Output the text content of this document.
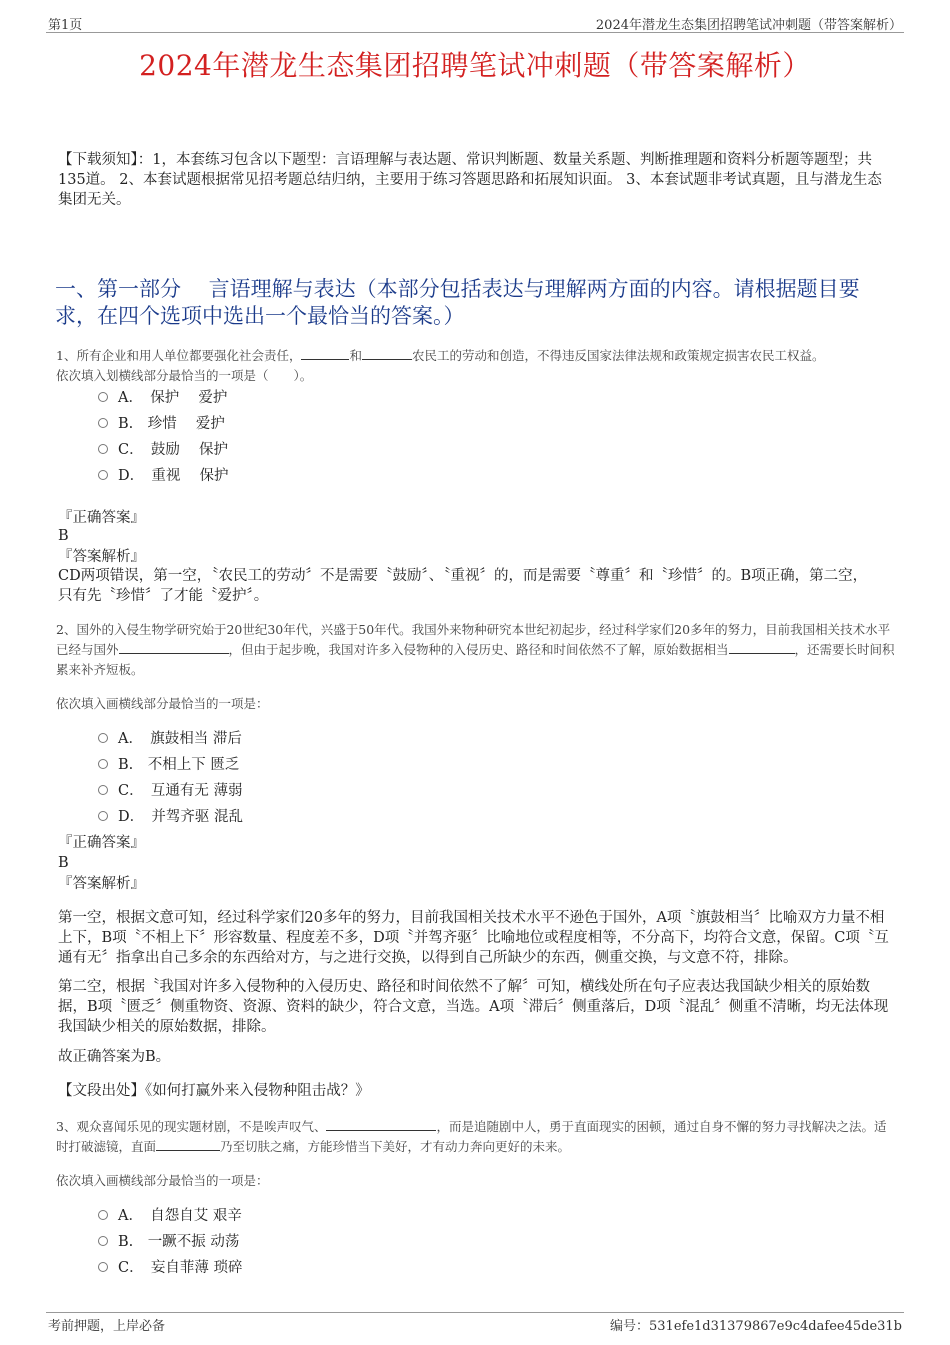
第1页	2024年潜龙生态集团招聘笔试冲刺题（带答案解析）
2024年潜龙生态集团招聘笔试冲刺题（带答案解析）
【下载须知】：1，本套练习包含以下题型：言语理解与表达题、常识判断题、数量关系题、判断推理题和资料分析题等题型；共135道。 2、本套试题根据常见招考题总结归纳，主要用于练习答题思路和拓展知识面。 3、本套试题非考试真题，且与潜龙生态集团无关。
一、第一部分　 言语理解与表达（本部分包括表达与理解两方面的内容。请根据题目要求，在四个选项中选出一个最恰当的答案。）
1、所有企业和用人单位都要强化社会责任，	和	农民工的劳动和创造，不得违反国家法律法规和政策规定损害农民工权益。
依次填入划横线部分最恰当的一项是（　　）。
A．　保护　 爱护
B.　珍惜　 爱护
C．　鼓励　 保护
D．　重视　 保护
『正确答案』
B
『答案解析』
CD两项错误，第一空，〝农民工的劳动〞不是需要〝鼓励〞、〝重视〞的，而是需要〝尊重〞和〝珍惜〞的。B项正确，第二空，只有先〝珍惜〞了才能〝爱护〞。
2、国外的入侵生物学研究始于20世纪30年代，兴盛于50年代。我国外来物种研究本世纪初起步，经过科学家们20多年的努力，目前我国相关技术水平已经与国外	，但由于起步晚，我国对许多入侵物种的入侵历史、路径和时间依然不了解，原始数据相当	，还需要长时间积累来补齐短板。
依次填入画横线部分最恰当的一项是：
A．　旗鼓相当 滞后
B.　不相上下 匮乏
C．　互通有无 薄弱
D．　并驾齐驱 混乱
『正确答案』
B
『答案解析』
第一空，根据文意可知，经过科学家们20多年的努力，目前我国相关技术水平不逊色于国外，A项〝旗鼓相当〞比喻双方力量不相上下，B项〝不相上下〞形容数量、程度差不多，D项〝并驾齐驱〞比喻地位或程度相等，不分高下，均符合文意，保留。C项〝互通有无〞指拿出自己多余的东西给对方，与之进行交换，以得到自己所缺少的东西，侧重交换，与文意不符，排除。
第二空，根据〝我国对许多入侵物种的入侵历史、路径和时间依然不了解〞可知，横线处所在句子应表达我国缺少相关的原始数据，B项〝匮乏〞侧重物资、资源、资料的缺少，符合文意，当选。A项〝滞后〞侧重落后，D项〝混乱〞侧重不清晰，均无法体现我国缺少相关的原始数据，排除。
故正确答案为B。
【文段出处】《如何打赢外来入侵物种阻击战？》
3、观众喜闻乐见的现实题材剧，不是唉声叹气、	，而是追随剧中人，勇于直面现实的困顿，通过自身不懈的努力寻找解决之法。适时打破滤镜，直面	乃至切肤之痛，方能珍惜当下美好，才有动力奔向更好的未来。
依次填入画横线部分最恰当的一项是：
A．　自怨自艾 艰辛
B.　一蹶不振 动荡
C．　妄自菲薄 琐碎
考前押题，上岸必备	编号：531efe1d31379867e9c4dafee45de31b
